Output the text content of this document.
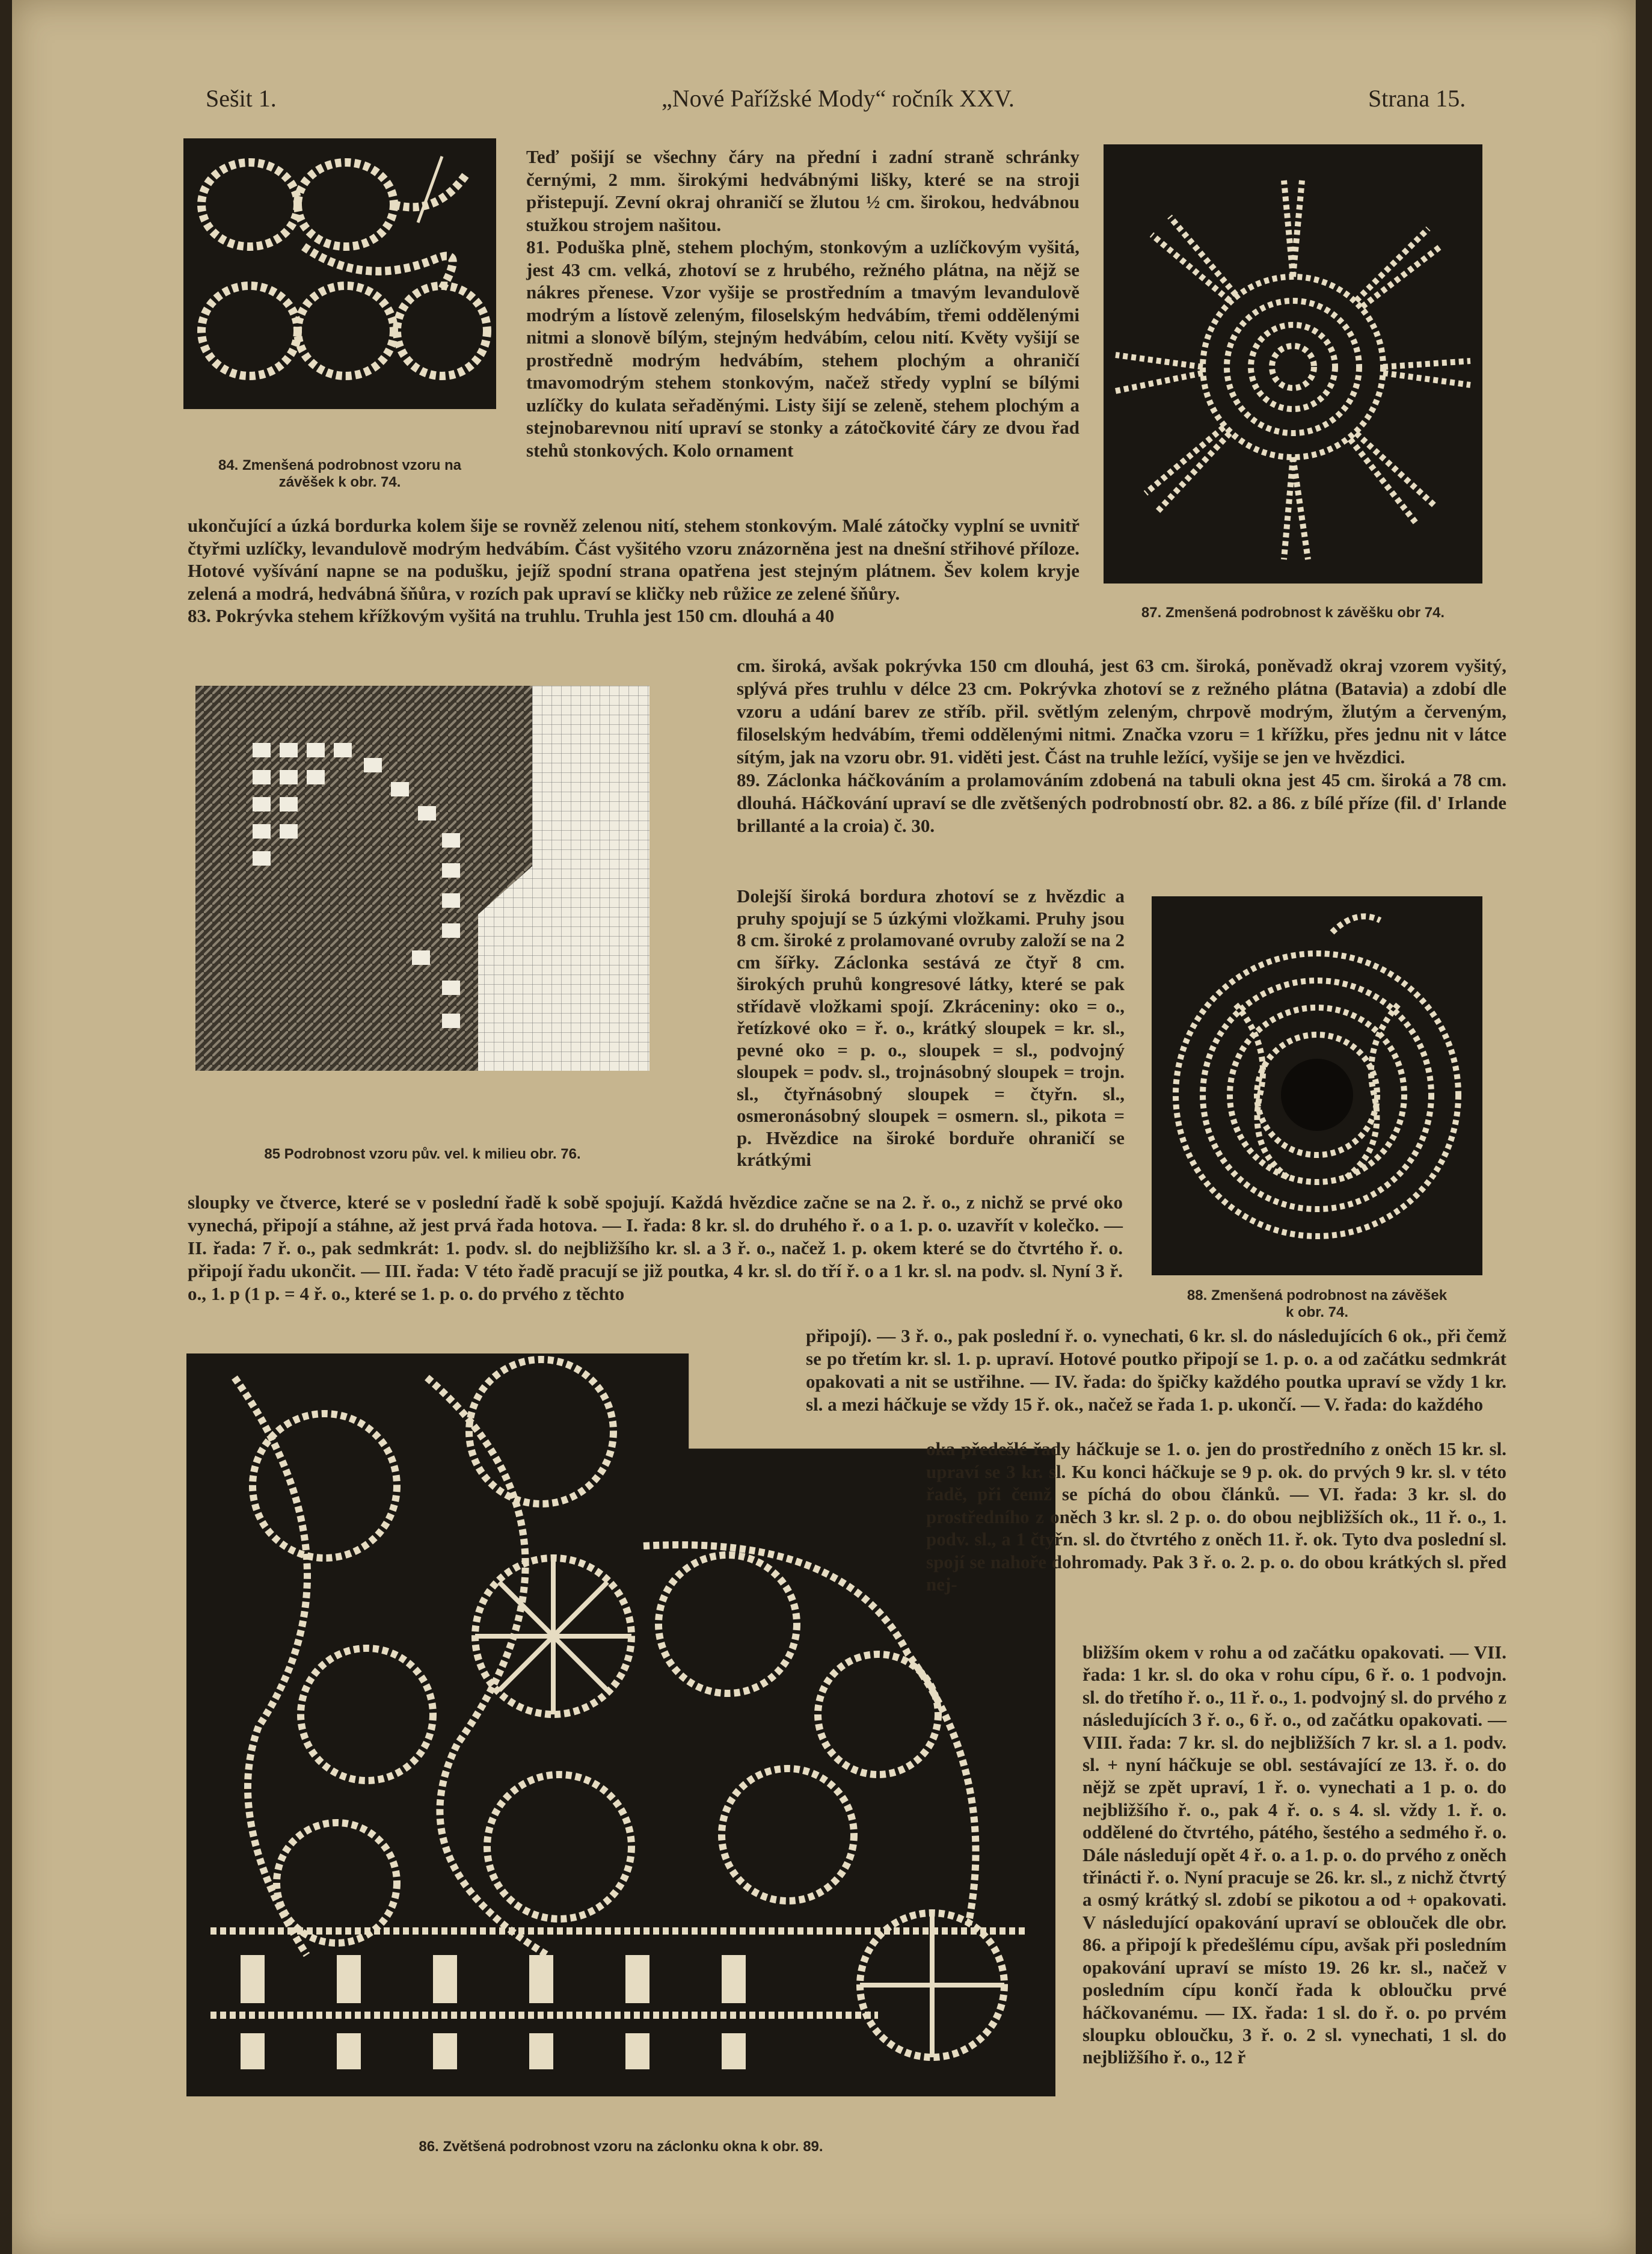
Sešit 1.	„Nové Pařížské Mody“ ročník XXV.	Strana 15.
84. Zmenšená podrobnost vzoru na
závěšek k obr. 74.
87. Zmenšená podrobnost k závěšku obr 74.
Teď pošijí se všechny čáry na přední i zadní straně schránky černými, 2 mm. širokými hedvábnými lišky, které se na stroji přistepují. Zevní okraj ohraničí se žlutou ½ cm. širokou, hedvábnou stužkou strojem našitou.
81. Poduška plně, stehem plochým, stonkovým a uzlíčkovým vyšitá, jest 43 cm. velká, zhotoví se z hrubého, režného plátna, na nějž se nákres přenese. Vzor vyšije se prostředním a tmavým levandulově modrým a lístově zeleným, filoselským hedvábím, třemi oddělenými nitmi a slonově bílým, stejným hedvábím, celou nití. Květy vyšijí se prostředně modrým hedvábím, stehem plochým a ohraničí tmavomodrým stehem stonkovým, načež středy vyplní se bílými uzlíčky do kulata seřaděnými. Listy šijí se zeleně, stehem plochým a stejnobarevnou nití upraví se stonky a zátočkovité čáry ze dvou řad stehů stonkových. Kolo ornament
ukončující a úzká bordurka kolem šije se rovněž zelenou nití, stehem stonkovým. Malé zátočky vyplní se uvnitř čtyřmi uzlíčky, levandulově modrým hedvábím. Část vyšitého vzoru znázorněna jest na dnešní střihové příloze. Hotové vyšívání napne se na podušku, jejíž spodní strana opatřena jest stejným plátnem. Šev kolem kryje zelená a modrá, hedvábná šňůra, v rozích pak upraví se kličky neb růžice ze zelené šňůry.
83. Pokrývka stehem křížkovým vyšitá na truhlu. Truhla jest 150 cm. dlouhá a 40
85 Podrobnost vzoru pův. vel. k milieu obr. 76.
cm. široká, avšak pokrývka 150 cm dlouhá, jest 63 cm. široká, poněvadž okraj vzorem vyšitý, splývá přes truhlu v délce 23 cm. Pokrývka zhotoví se z režného plátna (Batavia) a zdobí dle vzoru a udání barev ze stříb. přil. světlým zeleným, chrpově modrým, žlutým a červeným, filoselským hedvábím, třemi oddělenými nitmi. Značka vzoru = 1 křížku, přes jednu nit v látce sítým, jak na vzoru obr. 91. viděti jest. Část na truhle ležící, vyšije se jen ve hvězdici.
89. Záclonka háčkováním a prolamováním zdobená na tabuli okna jest 45 cm. široká a 78 cm. dlouhá. Háčkování upraví se dle zvětšených podrobností obr. 82. a 86. z bílé příze (fil. d' Irlande brillanté a la croia) č. 30.
Dolejší široká bordura zhotoví se z hvězdic a pruhy spojují se 5 úzkými vložkami. Pruhy jsou 8 cm. široké z prolamované ovruby založí se na 2 cm šířky. Záclonka sestává ze čtyř 8 cm. širokých pruhů kongresové látky, které se pak střídavě vložkami spojí. Zkráceniny: oko = o., řetízkové oko = ř. o., krátký sloupek = kr. sl., pevné oko = p. o., sloupek = sl., podvojný sloupek = podv. sl., trojnásobný sloupek = trojn. sl., čtyřnásobný sloupek = čtyřn. sl., osmeronásobný sloupek = osmern. sl., pikota = p. Hvězdice na široké borduře ohraničí se krátkými
88. Zmenšená podrobnost na závěšek
k obr. 74.
sloupky ve čtverce, které se v poslední řadě k sobě spojují. Každá hvězdice začne se na 2. ř. o., z nichž se prvé oko vynechá, připojí a stáhne, až jest prvá řada hotova. — I. řada: 8 kr. sl. do druhého ř. o a 1. p. o. uzavřít v kolečko. — II. řada: 7 ř. o., pak sedmkrát: 1. podv. sl. do nejbližšího kr. sl. a 3 ř. o., načež 1. p. okem které se do čtvrtého ř. o. připojí řadu ukončit. — III. řada: V této řadě pracují se již poutka, 4 kr. sl. do tří ř. o a 1 kr. sl. na podv. sl. Nyní 3 ř. o., 1. p (1 p. = 4 ř. o., které se 1. p. o. do prvého z těchto
86. Zvětšená podrobnost vzoru na záclonku okna k obr. 89.
připojí). — 3 ř. o., pak poslední ř. o. vynechati, 6 kr. sl. do následujících 6 ok., při čemž se po třetím kr. sl. 1. p. upraví. Hotové poutko připojí se 1. p. o. a od začátku sedmkrát opakovati a nit se ustřihne. — IV. řada: do špičky každého poutka upraví se vždy 1 kr. sl. a mezi háčkuje se vždy 15 ř. ok., načež se řada 1. p. ukončí. — V. řada: do každého
oka předešlé řady háčkuje se 1. o. jen do prostředního z oněch 15 kr. sl. upraví se 3 kr. sl. Ku konci háčkuje se 9 p. ok. do prvých 9 kr. sl. v této řadě, při čemž se píchá do obou článků. — VI. řada: 3 kr. sl. do prostředního z oněch 3 kr. sl. 2 p. o. do obou nejbližších ok., 11 ř. o., 1. podv. sl., a 1 čtyřn. sl. do čtvrtého z oněch 11. ř. ok. Tyto dva poslední sl. spojí se nahoře dohromady. Pak 3 ř. o. 2. p. o. do obou krátkých sl. před nej-
bližším okem v rohu a od začátku opakovati. — VII. řada: 1 kr. sl. do oka v rohu cípu, 6 ř. o. 1 podvojn. sl. do třetího ř. o., 11 ř. o., 1. podvojný sl. do prvého z následujících 3 ř. o., 6 ř. o., od začátku opakovati. — VIII. řada: 7 kr. sl. do nejbližších 7 kr. sl. a 1. podv. sl. + nyní háčkuje se obl. sestávající ze 13. ř. o. do nějž se zpět upraví, 1 ř. o. vynechati a 1 p. o. do nejbližšího ř. o., pak 4 ř. o. s 4. sl. vždy 1. ř. o. oddělené do čtvrtého, pátého, šestého a sedmého ř. o. Dále následují opět 4 ř. o. a 1. p. o. do prvého z oněch třinácti ř. o. Nyní pracuje se 26. kr. sl., z nichž čtvrtý a osmý krátký sl. zdobí se pikotou a od + opakovati. V následující opakování upraví se oblouček dle obr. 86. a připojí k předešlému cípu, avšak při posledním opakování upraví se místo 19. 26 kr. sl., načež v posledním cípu končí řada k obloučku prvé háčkovanému. — IX. řada: 1 sl. do ř. o. po prvém sloupku obloučku, 3 ř. o. 2 sl. vynechati, 1 sl. do nejbližšího ř. o., 12 ř
